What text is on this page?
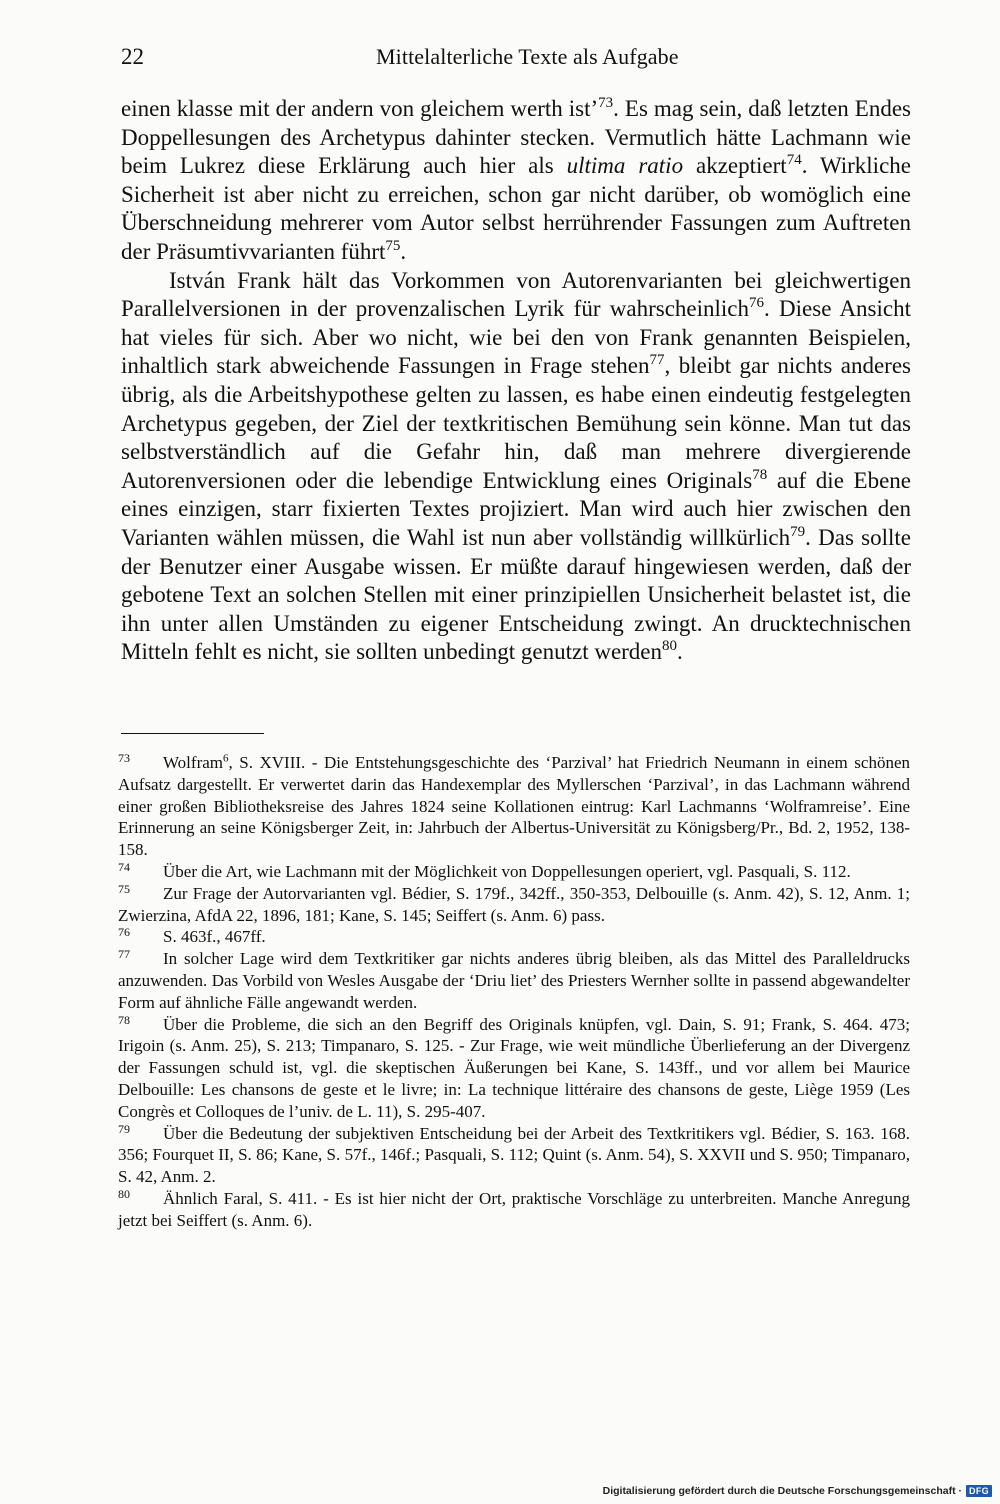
22	Mittelalterliche Texte als Aufgabe

einen klasse mit der andern von gleichem werth ist’$^{73}$. Es mag sein, daß letzten Endes Doppellesungen des Archetypus dahinter stecken. Vermutlich hätte Lachmann wie beim Lukrez diese Erklärung auch hier als ultima ratio akzeptiert$^{74}$. Wirkliche Sicherheit ist aber nicht zu erreichen, schon gar nicht darüber, ob womöglich eine Überschneidung mehrerer vom Autor selbst herrührender Fassungen zum Auftreten der Präsumtivvarianten führt$^{75}$.

István Frank hält das Vorkommen von Autorenvarianten bei gleichwertigen Parallelversionen in der provenzalischen Lyrik für wahrscheinlich$^{76}$. Diese Ansicht hat vieles für sich. Aber wo nicht, wie bei den von Frank genannten Beispielen, inhaltlich stark abweichende Fassungen in Frage stehen$^{77}$, bleibt gar nichts anderes übrig, als die Arbeitshypothese gelten zu lassen, es habe einen eindeutig festgelegten Archetypus gegeben, der Ziel der textkritischen Bemühung sein könne. Man tut das selbstverständlich auf die Gefahr hin, daß man mehrere divergierende Autorenversionen oder die lebendige Entwicklung eines Originals$^{78}$ auf die Ebene eines einzigen, starr fixierten Textes projiziert. Man wird auch hier zwischen den Varianten wählen müssen, die Wahl ist nun aber vollständig willkürlich$^{79}$. Das sollte der Benutzer einer Ausgabe wissen. Er müßte darauf hingewiesen werden, daß der gebotene Text an solchen Stellen mit einer prinzipiellen Unsicherheit belastet ist, die ihn unter allen Umständen zu eigener Entscheidung zwingt. An drucktechnischen Mitteln fehlt es nicht, sie sollten unbedingt genutzt werden$^{80}$.

73 Wolfram$^6$, S. XVIII. - Die Entstehungsgeschichte des ‘Parzival’ hat Friedrich Neumann in einem schönen Aufsatz dargestellt. Er verwertet darin das Handexemplar des Myllerschen ‘Parzival’, in das Lachmann während einer großen Bibliotheksreise des Jahres 1824 seine Kollationen eintrug: Karl Lachmanns ‘Wolframreise’. Eine Erinnerung an seine Königsberger Zeit, in: Jahrbuch der Albertus-Universität zu Königsberg/Pr., Bd. 2, 1952, 138-158.

74 Über die Art, wie Lachmann mit der Möglichkeit von Doppellesungen operiert, vgl. Pasquali, S. 112.

75 Zur Frage der Autorvarianten vgl. Bédier, S. 179f., 342ff., 350-353, Delbouille (s. Anm. 42), S. 12, Anm. 1; Zwierzina, AfdA 22, 1896, 181; Kane, S. 145; Seiffert (s. Anm. 6) pass.

76 S. 463f., 467ff.

77 In solcher Lage wird dem Textkritiker gar nichts anderes übrig bleiben, als das Mittel des Paralleldrucks anzuwenden. Das Vorbild von Wesles Ausgabe der ‘Driu liet’ des Priesters Wernher sollte in passend abgewandelter Form auf ähnliche Fälle angewandt werden.

78 Über die Probleme, die sich an den Begriff des Originals knüpfen, vgl. Dain, S. 91; Frank, S. 464. 473; Irigoin (s. Anm. 25), S. 213; Timpanaro, S. 125. - Zur Frage, wie weit mündliche Überlieferung an der Divergenz der Fassungen schuld ist, vgl. die skeptischen Äußerungen bei Kane, S. 143ff., und vor allem bei Maurice Delbouille: Les chansons de geste et le livre; in: La technique littéraire des chansons de geste, Liège 1959 (Les Congrès et Colloques de l’univ. de L. 11), S. 295-407.

79 Über die Bedeutung der subjektiven Entscheidung bei der Arbeit des Textkritikers vgl. Bédier, S. 163. 168. 356; Fourquet II, S. 86; Kane, S. 57f., 146f.; Pasquali, S. 112; Quint (s. Anm. 54), S. XXVII und S. 950; Timpanaro, S. 42, Anm. 2.

80 Ähnlich Faral, S. 411. - Es ist hier nicht der Ort, praktische Vorschläge zu unterbreiten. Manche Anregung jetzt bei Seiffert (s. Anm. 6).

Digitalisierung gefördert durch die Deutsche Forschungsgemeinschaft · DFG
